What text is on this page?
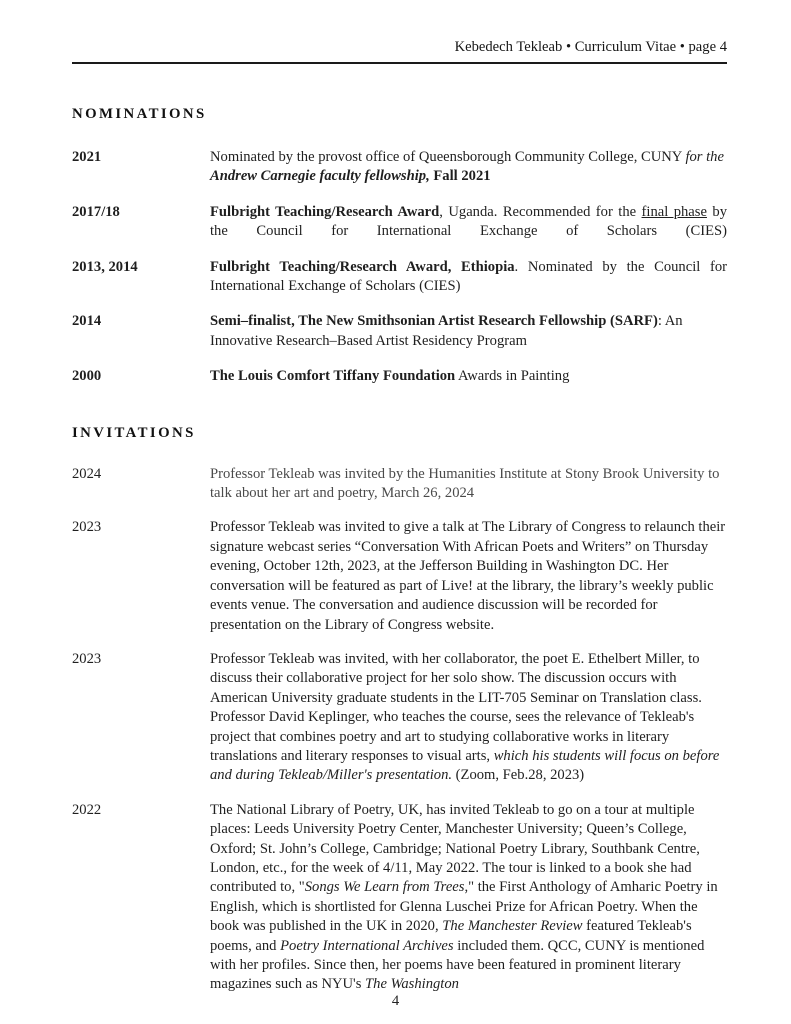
Kebedech Tekleab • Curriculum Vitae • page 4
NOMINATIONS
2021	Nominated by the provost office of Queensborough Community College, CUNY for the Andrew Carnegie faculty fellowship, Fall 2021
2017/18	Fulbright Teaching/Research Award, Uganda. Recommended for the final phase by the Council for International Exchange of Scholars (CIES)
2013, 2014	Fulbright Teaching/Research Award, Ethiopia. Nominated by the Council for International Exchange of Scholars (CIES)
2014	Semi–finalist, The New Smithsonian Artist Research Fellowship (SARF): An Innovative Research–Based Artist Residency Program
2000	The Louis Comfort Tiffany Foundation Awards in Painting
INVITATIONS
2024	Professor Tekleab was invited by the Humanities Institute at Stony Brook University to talk about her art and poetry, March 26, 2024
2023	Professor Tekleab was invited to give a talk at The Library of Congress to relaunch their signature webcast series “Conversation With African Poets and Writers” on Thursday evening, October 12th, 2023, at the Jefferson Building in Washington DC. Her conversation will be featured as part of Live! at the library, the library’s weekly public events venue. The conversation and audience discussion will be recorded for presentation on the Library of Congress website.
2023	Professor Tekleab was invited, with her collaborator, the poet E. Ethelbert Miller, to discuss their collaborative project for her solo show. The discussion occurs with American University graduate students in the LIT-705 Seminar on Translation class. Professor David Keplinger, who teaches the course, sees the relevance of Tekleab's project that combines poetry and art to studying collaborative works in literary translations and literary responses to visual arts, which his students will focus on before and during Tekleab/Miller's presentation. (Zoom, Feb.28, 2023)
2022	The National Library of Poetry, UK, has invited Tekleab to go on a tour at multiple places: Leeds University Poetry Center, Manchester University; Queen’s College, Oxford; St. John’s College, Cambridge; National Poetry Library, Southbank Centre, London, etc., for the week of 4/11, May 2022. The tour is linked to a book she had contributed to, "Songs We Learn from Trees," the First Anthology of Amharic Poetry in English, which is shortlisted for Glenna Luschei Prize for African Poetry. When the book was published in the UK in 2020, The Manchester Review featured Tekleab's poems, and Poetry International Archives included them. QCC, CUNY is mentioned with her profiles. Since then, her poems have been featured in prominent literary magazines such as NYU's The Washington
4
